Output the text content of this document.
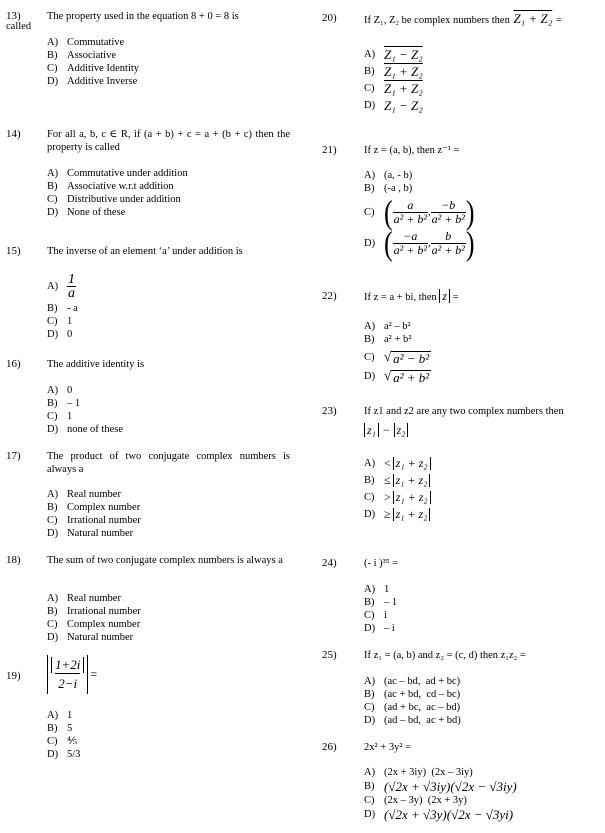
13)
called
The property used in the equation 8 + 0 = 8 is
A) Commutative
B) Associative
C) Additive Identity
D) Additive Inverse
14)	For all a, b, c ∈ R, if (a + b) + c = a + (b + c) then the property is called
A) Commutative under addition
B) Associative w.r.t addition
C) Distributive under addition
D) None of these
15)	The inverse of an element ‘a’ under addition is
$A) \frac{1}{a}$
B) - a
C) 1
D) 0
16)	The additive identity is
A) 0
B) – 1
C) 1
D) none of these
17)	The product of two conjugate complex numbers is always a
A) Real number
B) Complex number
C) Irrational number
D) Natural number
18)	The sum of two conjugate complex numbers is always a
A) Real number
B) Irrational number
C) Complex number
D) Natural number
$19) \frac{1+2i}{2-i}$ =
A) 1
B) 5
C) ⅘
D) 5/3
20)	If Z₁, Z₂ be complex numbers then Z₁ + Z₂ =
A) Z₁ − Z₂
B) Z₁ + Z₂
C) Z₁ + Z₂
D) Z₁ − Z₂
21)	If z = (a, b), then z⁻¹ =
A) (a, - b)
B) (-a , b)
C) ( $\frac{a}{\text{a² + b²}}$ , $\frac{-b}{\text{a² + b²}}$ )
D) ( $\frac{-a}{\text{a² + b²}}$ , $\frac{b}{\text{a² + b²}}$ )
22)	If z = a + bi, then z =
A) a² – b²
B) a² + b²
C) √ a² − b²
D) √ a² + b²
23)	If z1 and z2 are any two complex numbers then
z₁ − z₂
A) < z₁ + z₂
B) ≤ z₁ + z₂
C) > z₁ + z₂
D) ≥ z₁ + z₂
24)	(- i )³⁵ =
A) 1
B) – 1
C) i
D) – i
25)	If z₁ = (a, b) and z₂ = (c, d) then z₁z₂ =
A) (ac – bd,  ad + bc)
B) (ac + bd,  cd – bc)
C) (ad + bc,  ac – bd)
D) (ad – bd,  ac + bd)
26)	2x² + 3y² =
A) (2x + 3iy)  (2x – 3iy)
B) (√2x + √3iy)(√2x − √3iy)
C) (2x – 3y)  (2x + 3y)
D) (√2x + √3y)(√2x − √3yi)
